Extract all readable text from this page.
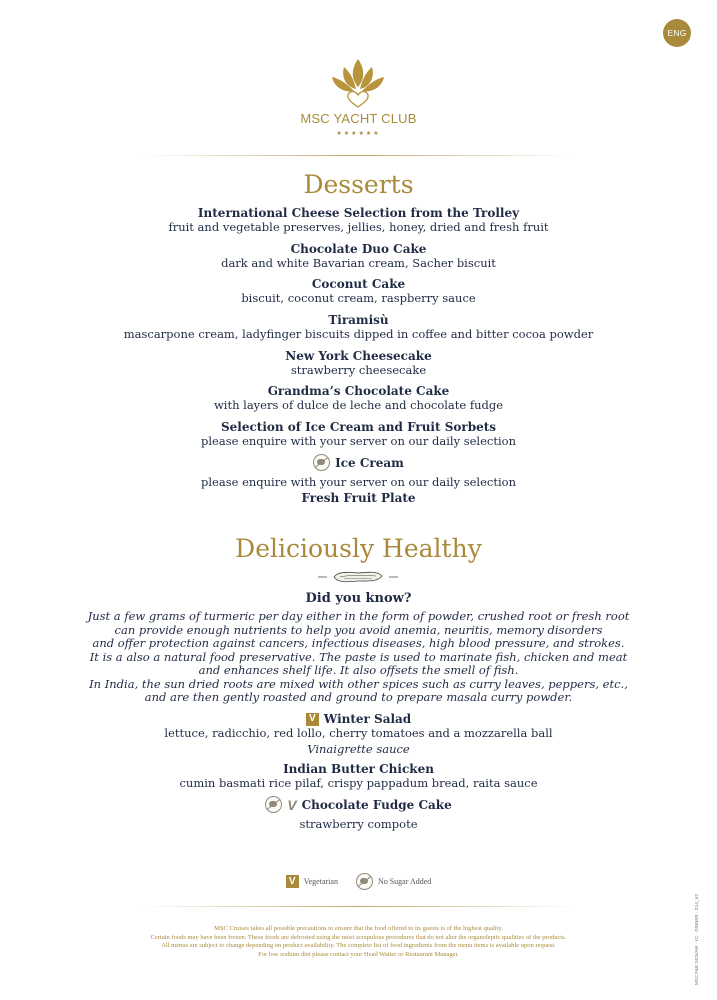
ENG
MSC YACHT CLUB
★★★★★★
Desserts
International Cheese Selection from the Trolley
fruit and vegetable preserves, jellies, honey, dried and fresh fruit
Chocolate Duo Cake
dark and white Bavarian cream, Sacher biscuit
Coconut Cake
biscuit, coconut cream, raspberry sauce
Tiramisù
mascarpone cream, ladyfinger biscuits dipped in coffee and bitter cocoa powder
New York Cheesecake
strawberry cheesecake
Grandma’s Chocolate Cake
with layers of dulce de leche and chocolate fudge
Selection of Ice Cream and Fruit Sorbets
please enquire with your server on our daily selection
Ice Cream
please enquire with your server on our daily selection
Fresh Fruit Plate
Deliciously Healthy
Did you know?
Just a few grams of turmeric per day either in the form of powder, crushed root or fresh root
can provide enough nutrients to help you avoid anemia, neuritis, memory disorders
and offer protection against cancers, infectious diseases, high blood pressure, and strokes.
It is a also a natural food preservative. The paste is used to marinate fish, chicken and meat
and enhances shelf life. It also offsets the smell of fish.
In India, the sun dried roots are mixed with other spices such as curry leaves, peppers, etc.,
and are then gently roasted and ground to prepare masala curry powder.
V Winter Salad
lettuce, radicchio, red lollo, cherry tomatoes and a mozzarella ball
Vinaigrette sauce
Indian Butter Chicken
cumin basmati rice pilaf, crispy pappadum bread, raita sauce
V Chocolate Fudge Cake
strawberry compote
V	Vegetarian	No Sugar Added
MSC Cruises takes all possible precautions to ensure that the food offered to its guests is of the highest quality.
Certain foods may have been frozen. These foods are defrosted using the most scrupulous procedures that do not alter the organoleptic qualities of the products.
All menus are subject to change depending on product availability. The complete list of food ingredients from the menu items is available upon request.
For low sodium diet please contact your Head Waiter or Restaurant Manager.	MSC F&B 2425/AM · YC · DINNER · D14_V2
